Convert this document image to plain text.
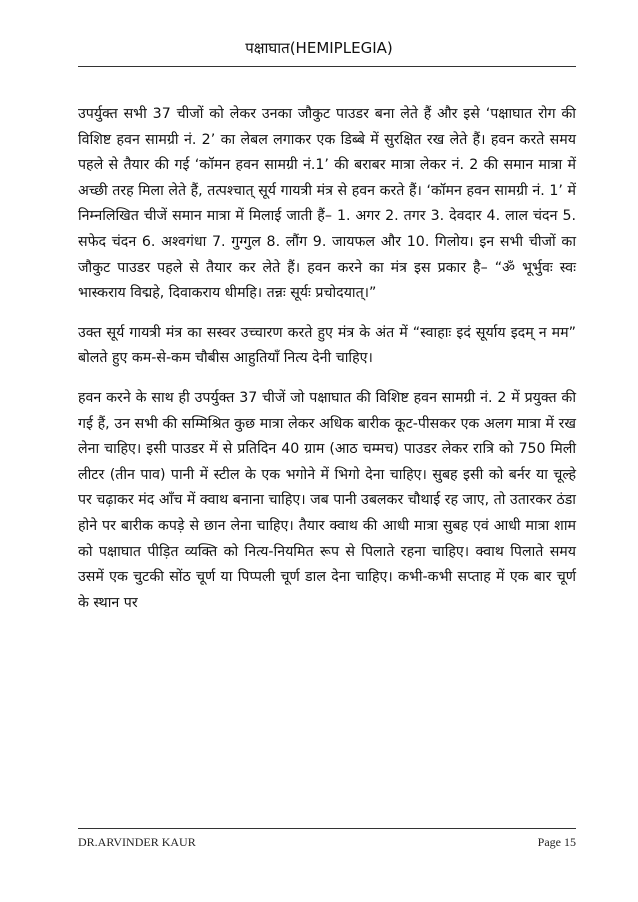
पक्षाघात(HEMIPLEGIA)

उपर्युक्त सभी 37 चीजों को लेकर उनका जौकुट पाउडर बना लेते हैं और इसे ‘पक्षाघात रोग की विशिष्ट हवन सामग्री नं. 2’ का लेबल लगाकर एक डिब्बे में सुरक्षित रख लेते हैं। हवन करते समय पहले से तैयार की गई ‘कॉमन हवन सामग्री नं.1’ की बराबर मात्रा लेकर नं. 2 की समान मात्रा में अच्छी तरह मिला लेते हैं, तत्पश्चात् सूर्य गायत्री मंत्र से हवन करते हैं। ‘कॉमन हवन सामग्री नं. 1’ में निम्नलिखित चीजें समान मात्रा में मिलाई जाती हैं– 1. अगर 2. तगर 3. देवदार 4. लाल चंदन 5. सफेद चंदन 6. अश्वगंधा 7. गुग्गुल 8. लौंग 9. जायफल और 10. गिलोय। इन सभी चीजों का जौकुट पाउडर पहले से तैयार कर लेते हैं। हवन करने का मंत्र इस प्रकार है– “ॐ भूर्भुवः स्वः भास्कराय विद्महे, दिवाकराय धीमहि। तन्नः सूर्यः प्रचोदयात्।”

उक्त सूर्य गायत्री मंत्र का सस्वर उच्चारण करते हुए मंत्र के अंत में “स्वाहाः इदं सूर्याय इदम् न मम” बोलते हुए कम-से-कम चौबीस आहुतियाँ नित्य देनी चाहिए।

हवन करने के साथ ही उपर्युक्त 37 चीजें जो पक्षाघात की विशिष्ट हवन सामग्री नं. 2 में प्रयुक्त की गई हैं, उन सभी की सम्मिश्रित कुछ मात्रा लेकर अधिक बारीक कूट-पीसकर एक अलग मात्रा में रख लेना चाहिए। इसी पाउडर में से प्रतिदिन 40 ग्राम (आठ चम्मच) पाउडर लेकर रात्रि को 750 मिली लीटर (तीन पाव) पानी में स्टील के एक भगोने में भिगो देना चाहिए। सुबह इसी को बर्नर या चूल्हे पर चढ़ाकर मंद आँच में क्वाथ बनाना चाहिए। जब पानी उबलकर चौथाई रह जाए, तो उतारकर ठंडा होने पर बारीक कपड़े से छान लेना चाहिए। तैयार क्वाथ की आधी मात्रा सुबह एवं आधी मात्रा शाम को पक्षाघात पीड़ित व्यक्ति को नित्य-नियमित रूप से पिलाते रहना चाहिए। क्वाथ पिलाते समय उसमें एक चुटकी सोंठ चूर्ण या पिप्पली चूर्ण डाल देना चाहिए। कभी-कभी सप्ताह में एक बार चूर्ण के स्थान पर

DR.ARVINDER KAUR	Page 15
